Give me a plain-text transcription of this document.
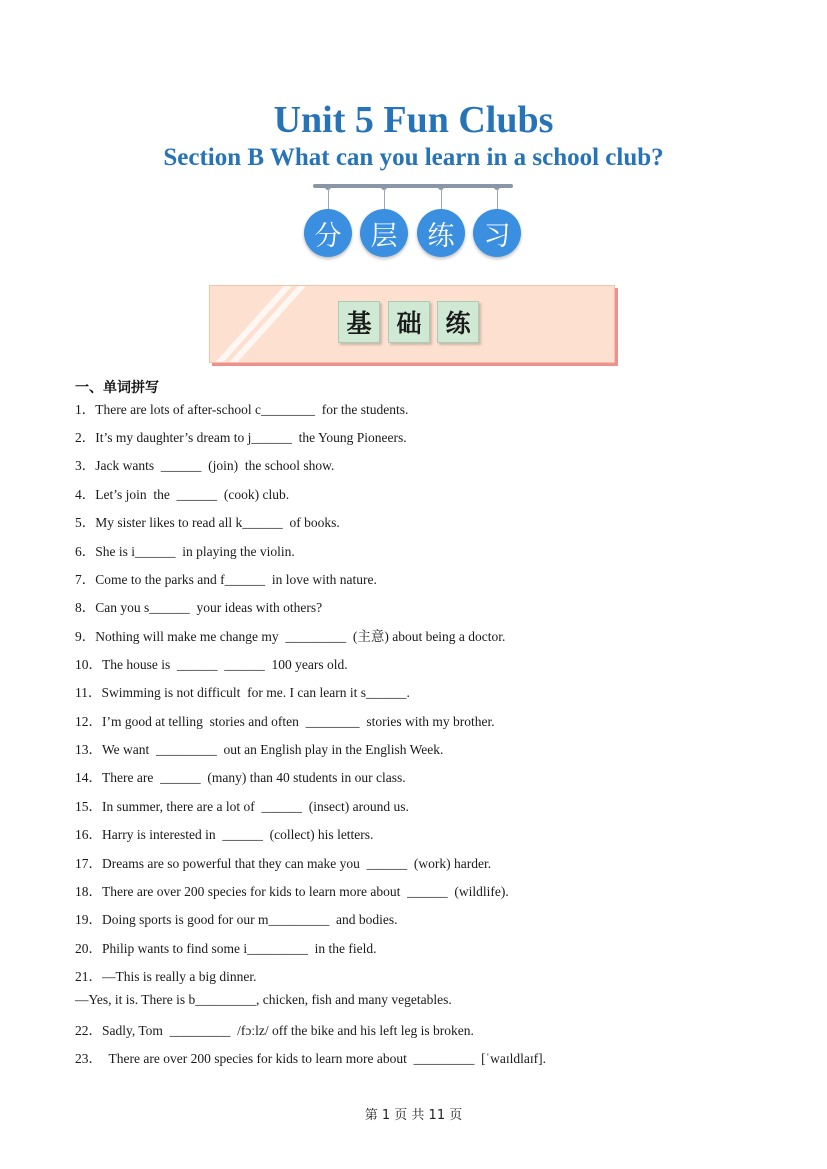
Unit 5 Fun Clubs
Section B What can you learn in a school club?
分	层	练	习
基 础 练
一、单词拼写
1．There are lots of after-school c________  for the students.
2．It’s my daughter’s dream to j______  the Young Pioneers.
3．Jack wants  ______  (join)  the school show.
4．Let’s join  the  ______  (cook) club.
5．My sister likes to read all k______  of books.
6．She is i______  in playing the violin.
7．Come to the parks and f______  in love with nature.
8．Can you s______  your ideas with others?
9．Nothing will make me change my  _________  (主意) about being a doctor.
10．The house is  ______  ______  100 years old.
11．Swimming is not difficult  for me. I can learn it s______.
12．I’m good at telling  stories and often  ________  stories with my brother.
13．We want  _________  out an English play in the English Week.
14．There are  ______  (many) than 40 students in our class.
15．In summer, there are a lot of  ______  (insect) around us.
16．Harry is interested in  ______  (collect) his letters.
17．Dreams are so powerful that they can make you  ______  (work) harder.
18．There are over 200 species for kids to learn more about  ______  (wildlife).
19．Doing sports is good for our m_________  and bodies.
20．Philip wants to find some i_________  in the field.
21．—This is really a big dinner.
—Yes, it is. There is b_________, chicken, fish and many vegetables.
22．Sadly, Tom  _________  /fɔːlz/ off the bike and his left leg is broken.
23．  There are over 200 species for kids to learn more about  _________  [ˈwaɪldlaɪf].
第 1 页 共 11 页
